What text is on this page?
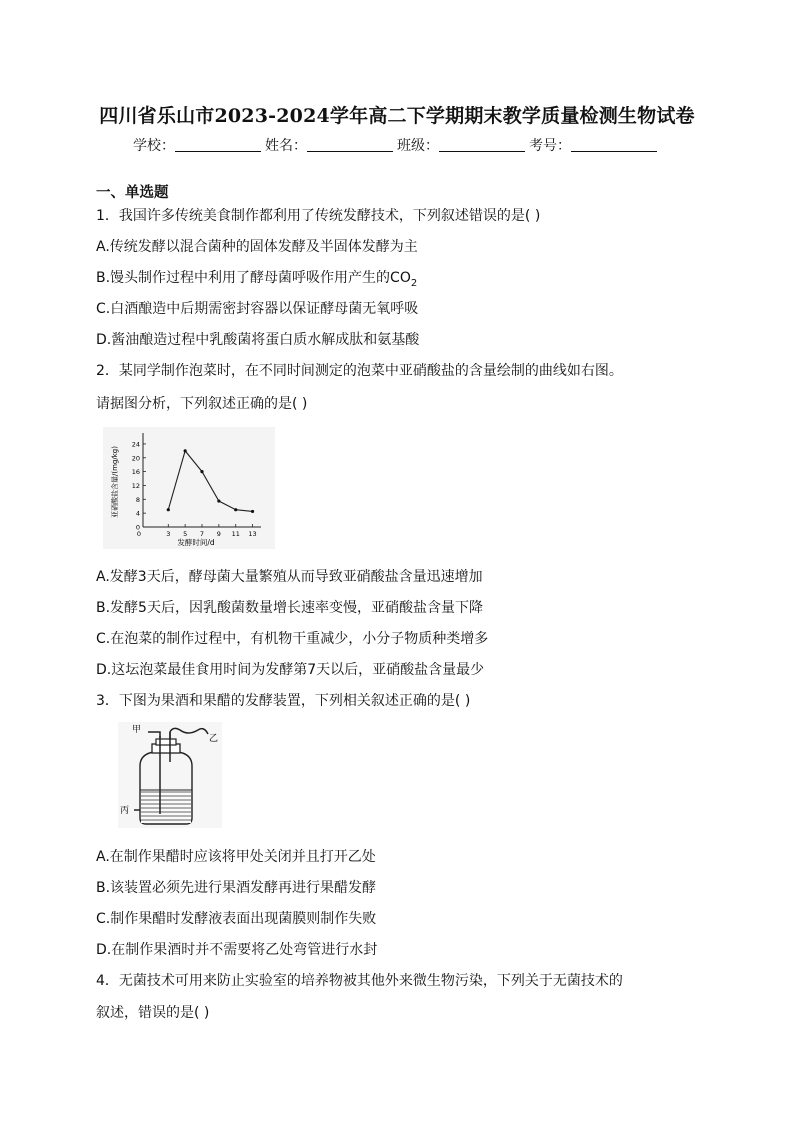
四川省乐山市2023-2024学年高二下学期期末教学质量检测生物试卷
学校：	姓名：	班级：	考号：
一、单选题
1．我国许多传统美食制作都利用了传统发酵技术，下列叙述错误的是( )
A.传统发酵以混合菌种的固体发酵及半固体发酵为主
B.馒头制作过程中利用了酵母菌呼吸作用产生的$CO_2$
C.白酒酿造中后期需密封容器以保证酵母菌无氧呼吸
D.酱油酿造过程中乳酸菌将蛋白质水解成肽和氨基酸
2．某同学制作泡菜时，在不同时间测定的泡菜中亚硝酸盐的含量绘制的曲线如右图。
请据图分析，下列叙述正确的是( )
0
4
8
12
16
20
24
0	3 5 7 9 11 13
发酵时间/d
亚硝酸盐含量/(mg/kg)
A.发酵3天后，酵母菌大量繁殖从而导致亚硝酸盐含量迅速增加
B.发酵5天后，因乳酸菌数量增长速率变慢，亚硝酸盐含量下降
C.在泡菜的制作过程中，有机物干重减少，小分子物质种类增多
D.这坛泡菜最佳食用时间为发酵第7天以后，亚硝酸盐含量最少
3．下图为果酒和果醋的发酵装置，下列相关叙述正确的是( )
甲
乙
丙
A.在制作果醋时应该将甲处关闭并且打开乙处
B.该装置必须先进行果酒发酵再进行果醋发酵
C.制作果醋时发酵液表面出现菌膜则制作失败
D.在制作果酒时并不需要将乙处弯管进行水封
4．无菌技术可用来防止实验室的培养物被其他外来微生物污染，下列关于无菌技术的
叙述，错误的是( )
